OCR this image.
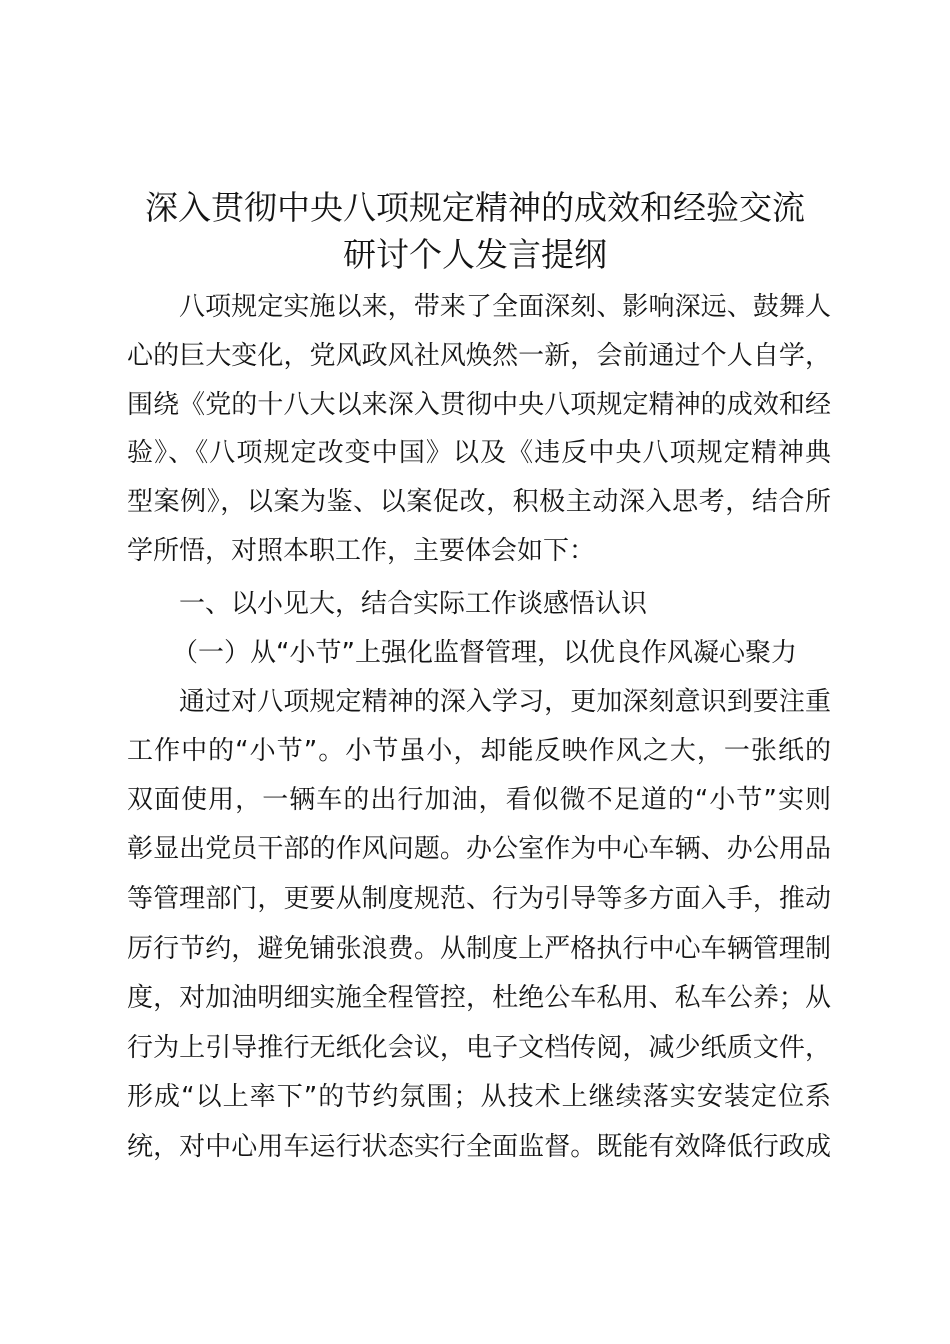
深入贯彻中央八项规定精神的成效和经验交流
研讨个人发言提纲
八项规定实施以来，带来了全面深刻、影响深远、鼓舞人
心的巨大变化，党风政风社风焕然一新，会前通过个人自学，
围绕《党的十八大以来深入贯彻中央八项规定精神的成效和经
验》、《八项规定改变中国》以及《违反中央八项规定精神典
型案例》，以案为鉴、以案促改，积极主动深入思考，结合所
学所悟，对照本职工作，主要体会如下：
一、以小见大，结合实际工作谈感悟认识
（一）从“小节”上强化监督管理，以优良作风凝心聚力
通过对八项规定精神的深入学习，更加深刻意识到要注重
工作中的“小节”。小节虽小，却能反映作风之大，一张纸的
双面使用，一辆车的出行加油，看似微不足道的“小节”实则
彰显出党员干部的作风问题。办公室作为中心车辆、办公用品
等管理部门，更要从制度规范、行为引导等多方面入手，推动
厉行节约，避免铺张浪费。从制度上严格执行中心车辆管理制
度，对加油明细实施全程管控，杜绝公车私用、私车公养；从
行为上引导推行无纸化会议，电子文档传阅，减少纸质文件，
形成“以上率下”的节约氛围；从技术上继续落实安装定位系
统，对中心用车运行状态实行全面监督。既能有效降低行政成
